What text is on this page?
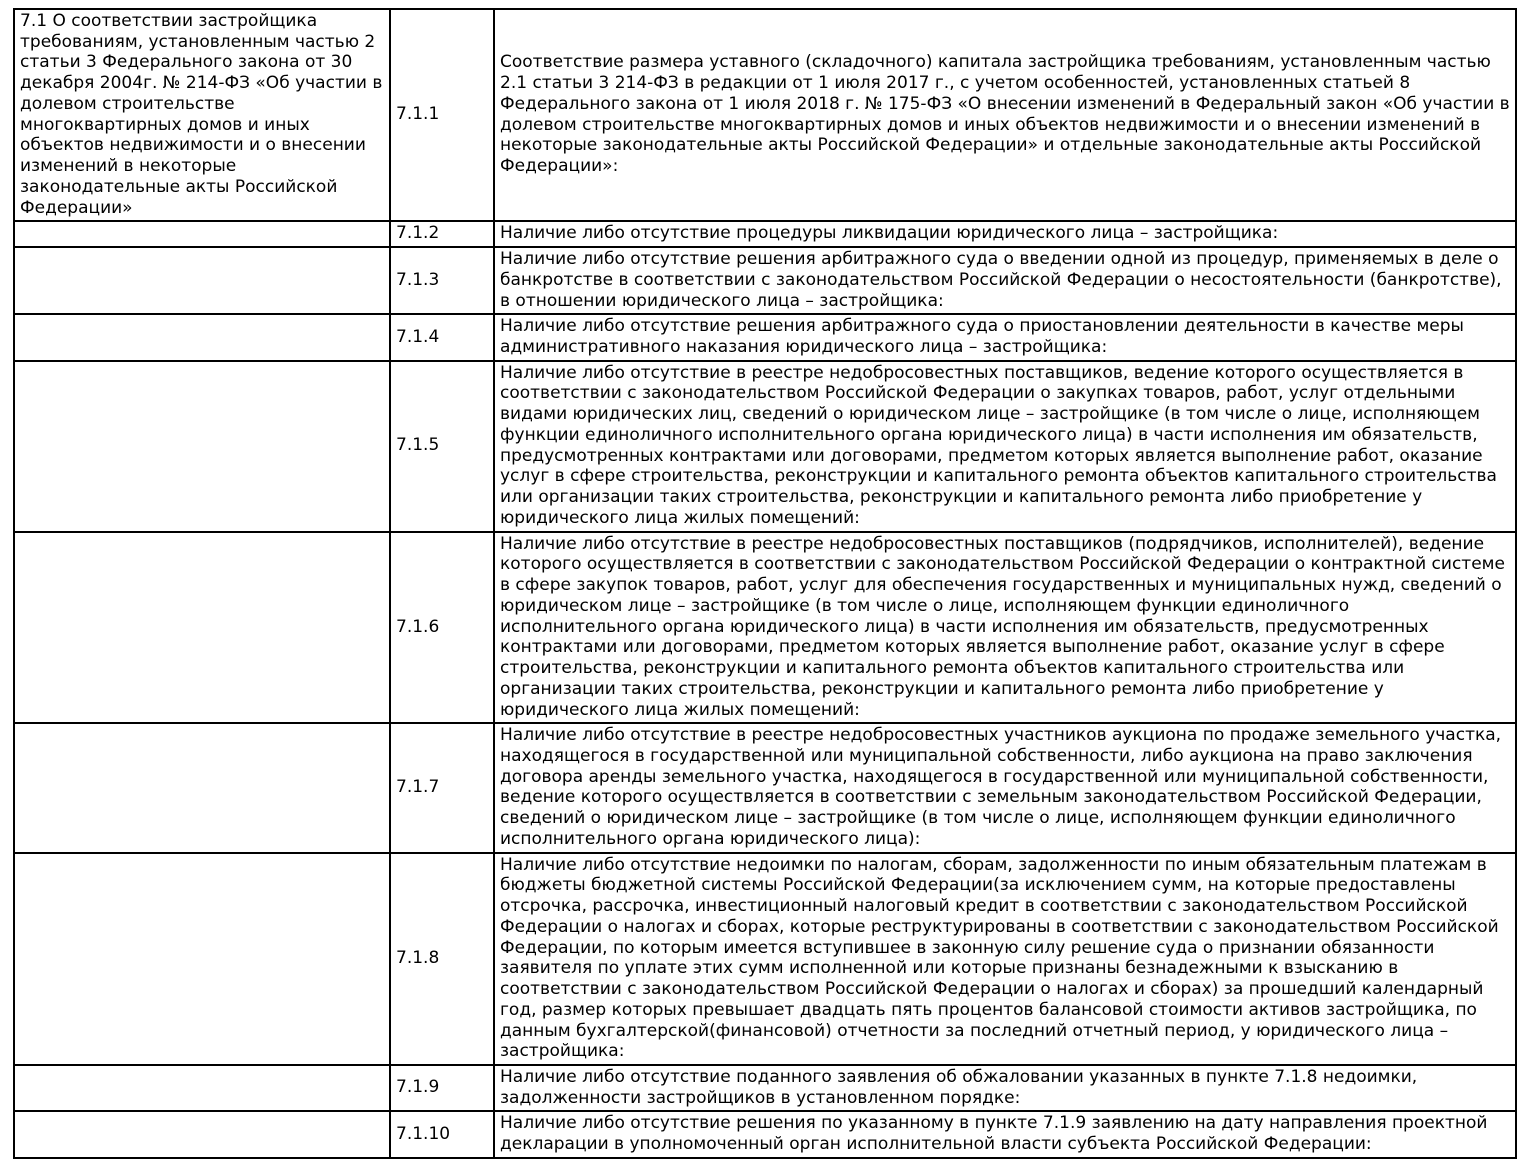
7.1 О соответствии застройщика требованиям, установленным частью 2 статьи 3 Федерального закона от 30 декабря 2004г. № 214-ФЗ «Об участии в долевом строительстве многоквартирных домов и иных объектов недвижимости и о внесении изменений в некоторые законодательные акты Российской Федерации»	7.1.1	Соответствие размера уставного (складочного) капитала застройщика требованиям, установленным частью 2.1 статьи 3 214-ФЗ в редакции от 1 июля 2017 г., с учетом особенностей, установленных статьей 8 Федерального закона от 1 июля 2018 г. № 175-ФЗ «О внесении изменений в Федеральный закон «Об участии в долевом строительстве многоквартирных домов и иных объектов недвижимости и о внесении изменений в некоторые законодательные акты Российской Федерации» и отдельные законодательные акты Российской Федерации»:
	7.1.2	Наличие либо отсутствие процедуры ликвидации юридического лица – застройщика:
	7.1.3	Наличие либо отсутствие решения арбитражного суда о введении одной из процедур, применяемых в деле о банкротстве в соответствии с законодательством Российской Федерации о несостоятельности (банкротстве), в отношении юридического лица – застройщика:
	7.1.4	Наличие либо отсутствие решения арбитражного суда о приостановлении деятельности в качестве меры административного наказания юридического лица – застройщика:
	7.1.5	Наличие либо отсутствие в реестре недобросовестных поставщиков, ведение которого осуществляется в соответствии с законодательством Российской Федерации о закупках товаров, работ, услуг отдельными видами юридических лиц, сведений о юридическом лице – застройщике (в том числе о лице, исполняющем функции единоличного исполнительного органа юридического лица) в части исполнения им обязательств, предусмотренных контрактами или договорами, предметом которых является выполнение работ, оказание услуг в сфере строительства, реконструкции и капитального ремонта объектов капитального строительства или организации таких строительства, реконструкции и капитального ремонта либо приобретение у юридического лица жилых помещений:
	7.1.6	Наличие либо отсутствие в реестре недобросовестных поставщиков (подрядчиков, исполнителей), ведение которого осуществляется в соответствии с законодательством Российской Федерации о контрактной системе в сфере закупок товаров, работ, услуг для обеспечения государственных и муниципальных нужд, сведений о юридическом лице – застройщике (в том числе о лице, исполняющем функции единоличного исполнительного органа юридического лица) в части исполнения им обязательств, предусмотренных контрактами или договорами, предметом которых является выполнение работ, оказание услуг в сфере строительства, реконструкции и капитального ремонта объектов капитального строительства или организации таких строительства, реконструкции и капитального ремонта либо приобретение у юридического лица жилых помещений:
	7.1.7	Наличие либо отсутствие в реестре недобросовестных участников аукциона по продаже земельного участка, находящегося в государственной или муниципальной собственности, либо аукциона на право заключения договора аренды земельного участка, находящегося в государственной или муниципальной собственности, ведение которого осуществляется в соответствии с земельным законодательством Российской Федерации, сведений о юридическом лице – застройщике (в том числе о лице, исполняющем функции единоличного исполнительного органа юридического лица):
	7.1.8	Наличие либо отсутствие недоимки по налогам, сборам, задолженности по иным обязательным платежам в бюджеты бюджетной системы Российской Федерации(за исключением сумм, на которые предоставлены отсрочка, рассрочка, инвестиционный налоговый кредит в соответствии с законодательством Российской Федерации о налогах и сборах, которые реструктурированы в соответствии с законодательством Российской Федерации, по которым имеется вступившее в законную силу решение суда о признании обязанности заявителя по уплате этих сумм исполненной или которые признаны безнадежными к взысканию в соответствии с законодательством Российской Федерации о налогах и сборах) за прошедший календарный год, размер которых превышает двадцать пять процентов балансовой стоимости активов застройщика, по данным бухгалтерской(финансовой) отчетности за последний отчетный период, у юридического лица – застройщика:
	7.1.9	Наличие либо отсутствие поданного заявления об обжаловании указанных в пункте 7.1.8 недоимки, задолженности застройщиков в установленном порядке:
	7.1.10	Наличие либо отсутствие решения по указанному в пункте 7.1.9 заявлению на дату направления проектной декларации в уполномоченный орган исполнительной власти субъекта Российской Федерации:
